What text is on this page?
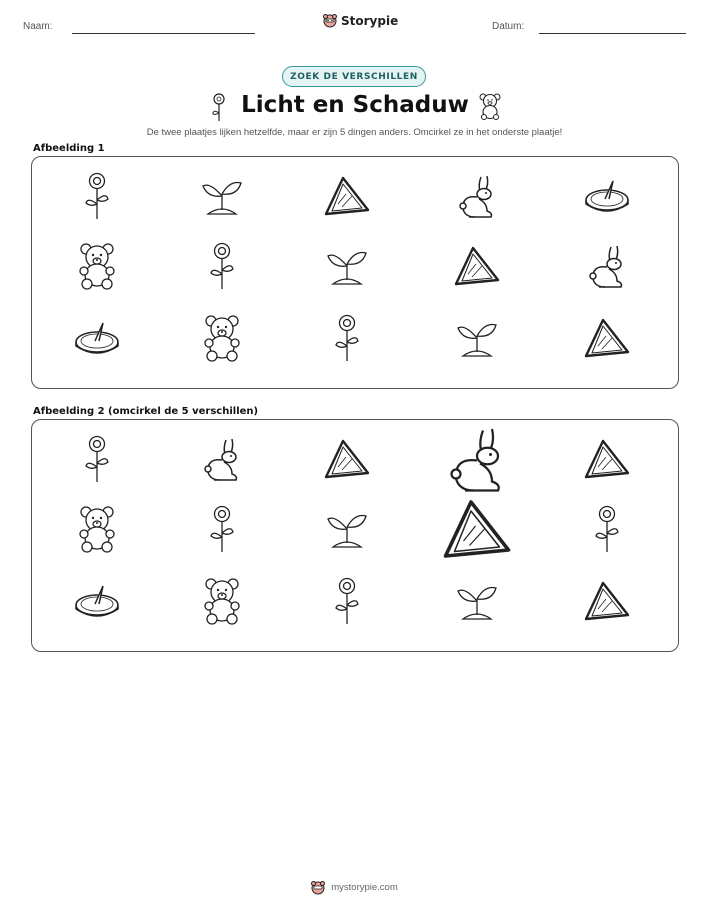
Naam:	Storypie	Datum:
ZOEK DE VERSCHILLEN
Licht en Schaduw
De twee plaatjes lijken hetzelfde, maar er zijn 5 dingen anders. Omcirkel ze in het onderste plaatje!
Afbeelding 1
Afbeelding 2 (omcirkel de 5 verschillen)
mystorypie.com
